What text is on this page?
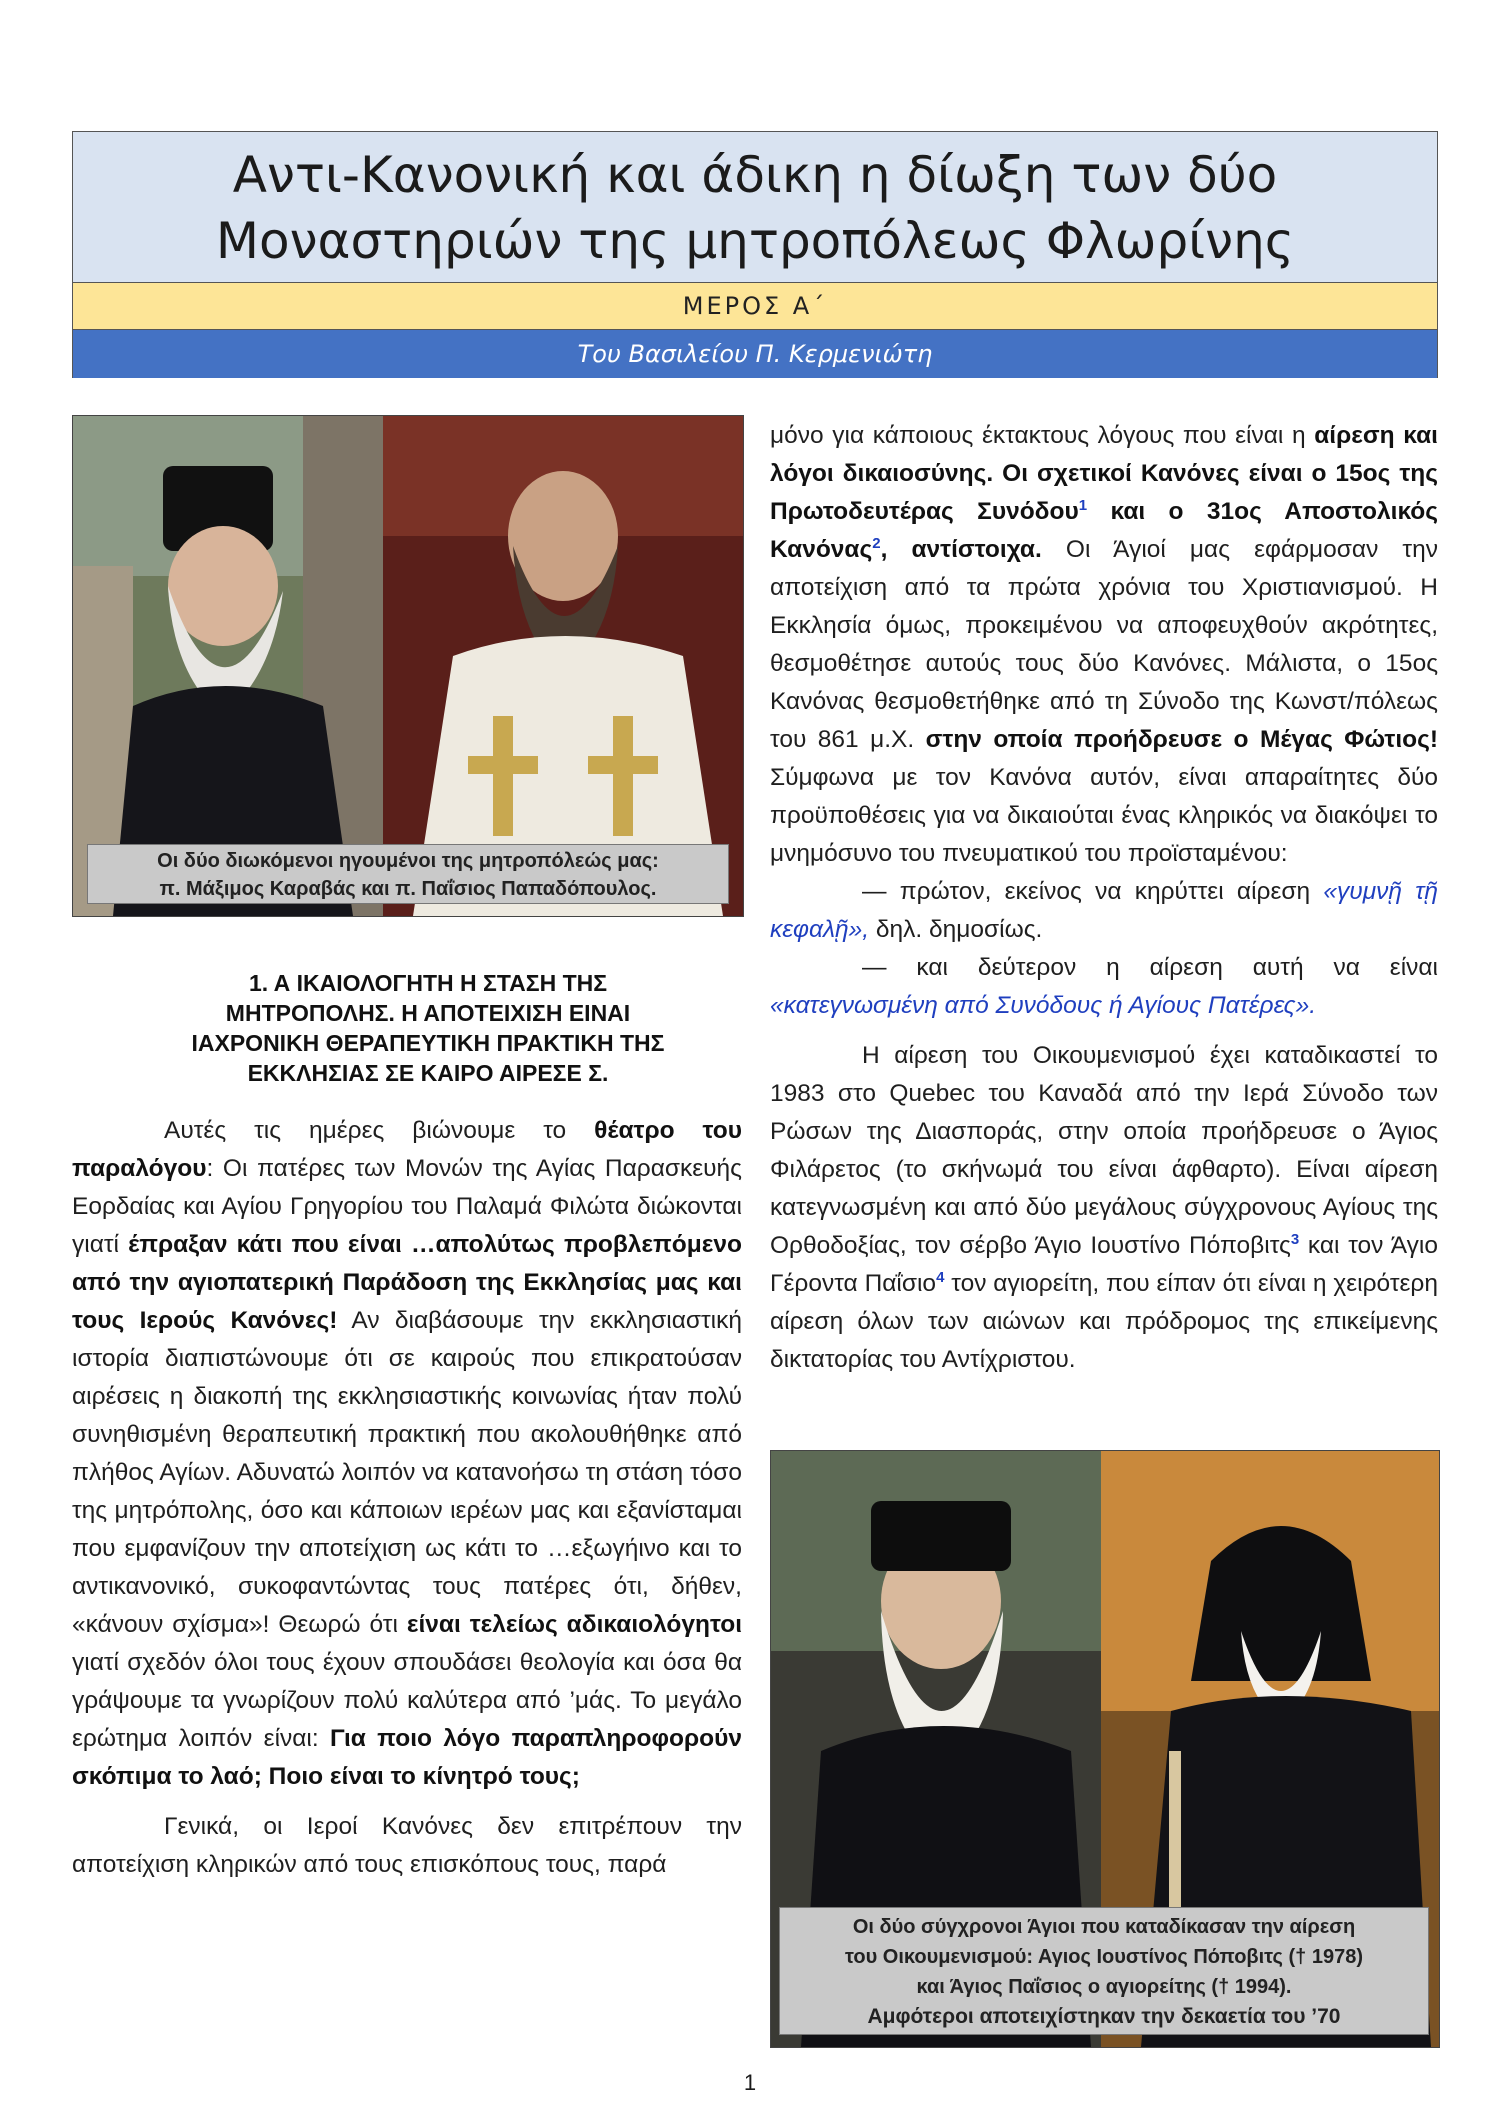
Αντι-Κανονική και άδικη η δίωξη των δύο
Μοναστηριών της μητροπόλεως Φλωρίνης
ΜΕΡΟΣ Α΄
Του Βασιλείου Π. Κερμενιώτη
Οι δύο διωκόμενοι ηγουμένοι της μητροπόλεώς μας:
π. Μάξιμος Καραβάς και π. Παΐσιος Παπαδόπουλος.
1. Α ΙΚΑΙΟΛΟΓΗΤΗ Η ΣΤΑΣΗ ΤΗΣ
ΜΗΤΡΟΠΟΛΗΣ. Η ΑΠΟΤΕΙΧΙΣΗ ΕΙΝΑΙ
ΙΑΧΡΟΝΙΚΗ ΘΕΡΑΠΕΥΤΙΚΗ ΠΡΑΚΤΙΚΗ ΤΗΣ
ΕΚΚΛΗΣΙΑΣ ΣΕ ΚΑΙΡΟ ΑΙΡΕΣΕ Σ.

Αυτές τις ημέρες βιώνουμε το θέατρο του παραλόγου: Οι πατέρες των Μονών της Αγίας Παρασκευής Εορδαίας και Αγίου Γρηγορίου του Παλαμά Φιλώτα διώκονται γιατί έπραξαν κάτι που είναι …απολύτως προβλεπόμενο από την αγιοπατερική Παράδοση της Εκκλησίας μας και τους Ιερούς Κανόνες! Αν διαβάσουμε την εκκλησιαστική ιστορία διαπιστώνουμε ότι σε καιρούς που επικρατούσαν αιρέσεις η διακοπή της εκκλησιαστικής κοινωνίας ήταν πολύ συνηθισμένη θεραπευτική πρακτική που ακολουθήθηκε από πλήθος Αγίων. Αδυνατώ λοιπόν να κατανοήσω τη στάση τόσο της μητρόπολης, όσο και κάποιων ιερέων μας και εξανίσταμαι που εμφανίζουν την αποτείχιση ως κάτι το …εξωγήινο και το αντικανονικό, συκοφαντώντας τους πατέρες ότι, δήθεν, «κάνουν σχίσμα»! Θεωρώ ότι είναι τελείως αδικαιολόγητοι γιατί σχεδόν όλοι τους έχουν σπουδάσει θεολογία και όσα θα γράψουμε τα γνωρίζουν πολύ καλύτερα από ’μάς. Το μεγάλο ερώτημα λοιπόν είναι: Για ποιο λόγο παραπληροφορούν σκόπιμα το λαό; Ποιο είναι το κίνητρό τους;

Γενικά, οι Ιεροί Κανόνες δεν επιτρέπουν την αποτείχιση κληρικών από τους επισκόπους τους, παρά

μόνο για κάποιους έκτακτους λόγους που είναι η αίρεση και λόγοι δικαιοσύνης. Οι σχετικοί Κανόνες είναι ο 15ος της Πρωτοδευτέρας Συνόδου$^1$ και ο 31ος Αποστολικός Κανόνας$^2$, αντίστοιχα. Οι Άγιοί μας εφάρμοσαν την αποτείχιση από τα πρώτα χρόνια του Χριστιανισμού. Η Εκκλησία όμως, προκειμένου να αποφευχθούν ακρότητες, θεσμοθέτησε αυτούς τους δύο Κανόνες. Μάλιστα, ο 15ος Κανόνας θεσμοθετήθηκε από τη Σύνοδο της Κωνστ/πόλεως του 861 μ.Χ. στην οποία προήδρευσε ο Μέγας Φώτιος! Σύμφωνα με τον Κανόνα αυτόν, είναι απαραίτητες δύο προϋποθέσεις για να δικαιούται ένας κληρικός να διακόψει το μνημόσυνο του πνευματικού του προϊσταμένου:

— πρώτον, εκείνος να κηρύττει αίρεση «γυμνῇ τῇ κεφαλῇ», δηλ. δημοσίως.

— και δεύτερον η αίρεση αυτή να είναι «κατεγνωσμένη από Συνόδους ή Αγίους Πατέρες».

Η αίρεση του Οικουμενισμού έχει καταδικαστεί το 1983 στο Quebec του Καναδά από την Ιερά Σύνοδο των Ρώσων της Διασποράς, στην οποία προήδρευσε ο Άγιος Φιλάρετος (το σκήνωμά του είναι άφθαρτο). Είναι αίρεση κατεγνωσμένη και από δύο μεγάλους σύγχρονους Αγίους της Ορθοδοξίας, τον σέρβο Άγιο Ιουστίνο Πόποβιτς$^3$ και τον Άγιο Γέροντα Παΐσιο$^4$ τον αγιορείτη, που είπαν ότι είναι η χειρότερη αίρεση όλων των αιώνων και πρόδρομος της επικείμενης δικτατορίας του Αντίχριστου.

Οι δύο σύγχρονοι Άγιοι που καταδίκασαν την αίρεση
του Οικουμενισμού: Αγιος Ιουστίνος Πόποβιτς († 1978)
και Άγιος Παΐσιος ο αγιορείτης († 1994).
Αμφότεροι αποτειχίστηκαν την δεκαετία του ’70
1
